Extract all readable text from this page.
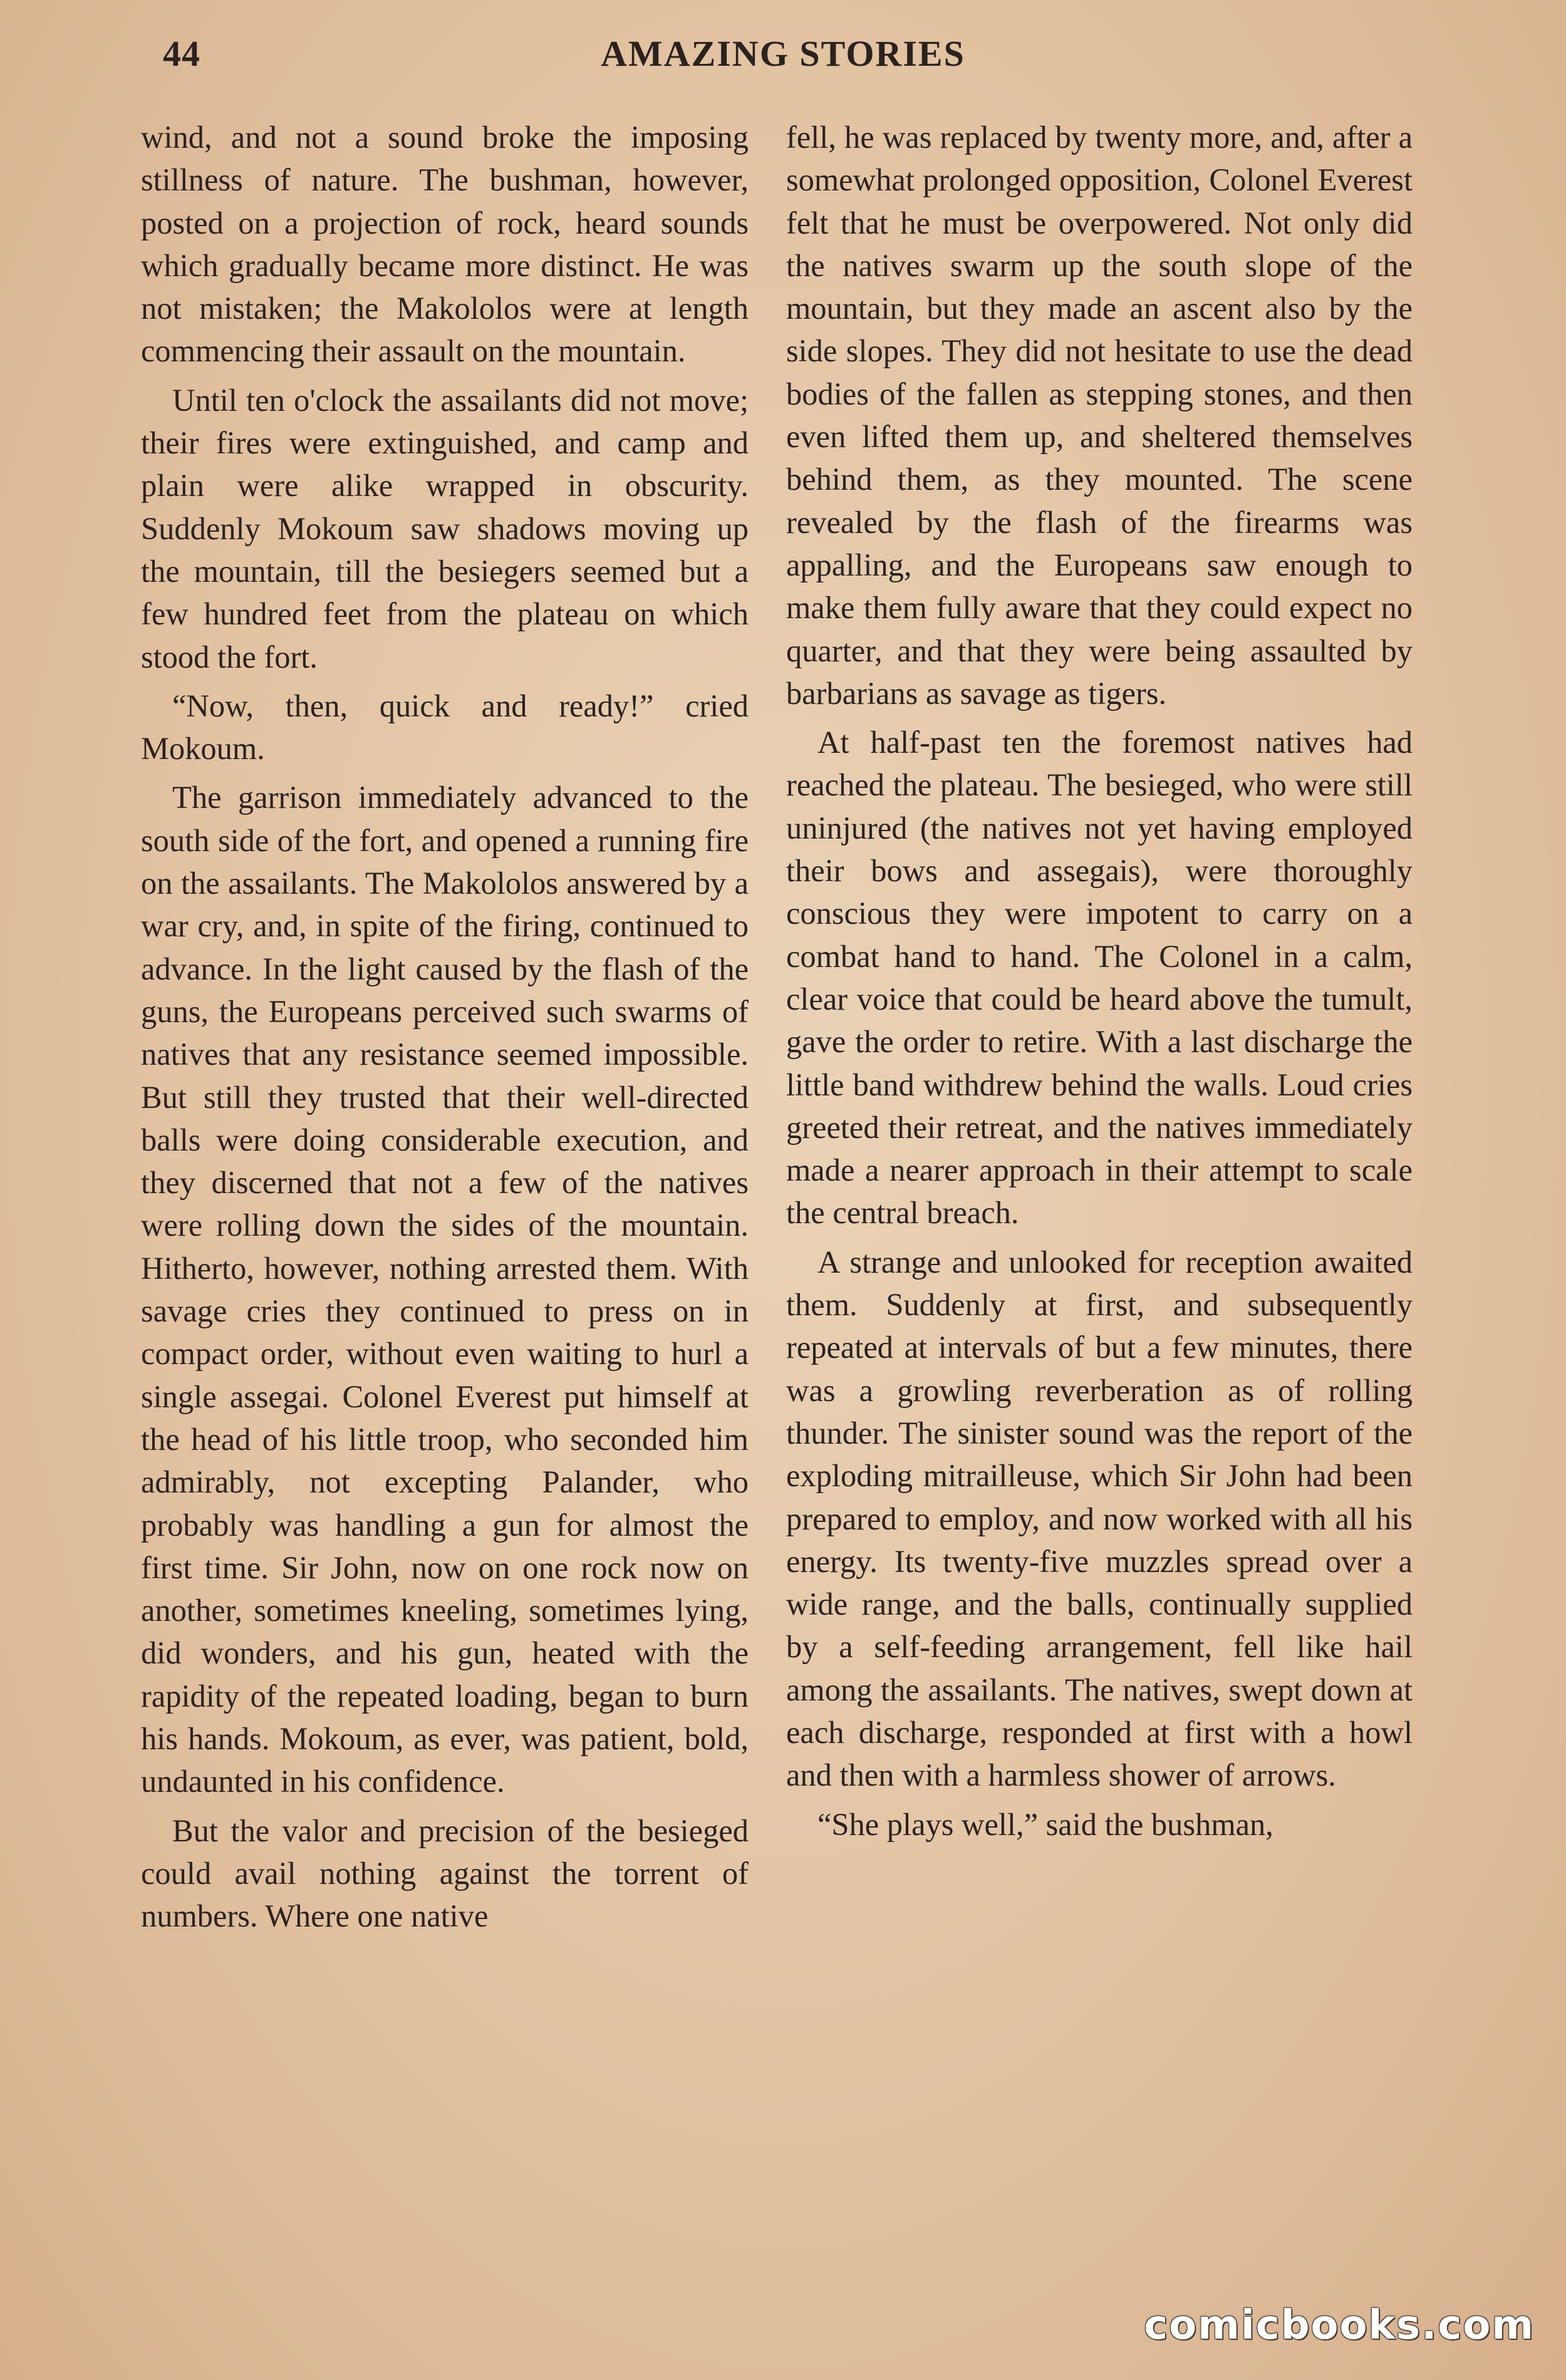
44	AMAZING STORIES

wind, and not a sound broke the imposing stillness of nature. The bushman, however, posted on a projection of rock, heard sounds which gradually became more distinct. He was not mistaken; the Makololos were at length commencing their assault on the mountain.

Until ten o'clock the assailants did not move; their fires were extinguished, and camp and plain were alike wrapped in obscurity. Suddenly Mokoum saw shadows moving up the mountain, till the besiegers seemed but a few hundred feet from the plateau on which stood the fort.

“Now, then, quick and ready!” cried Mokoum.

The garrison immediately advanced to the south side of the fort, and opened a running fire on the assailants. The Makololos answered by a war cry, and, in spite of the firing, continued to advance. In the light caused by the flash of the guns, the Europeans perceived such swarms of natives that any resistance seemed impossible. But still they trusted that their well-directed balls were doing considerable execution, and they discerned that not a few of the natives were rolling down the sides of the mountain. Hitherto, however, nothing arrested them. With savage cries they continued to press on in compact order, without even waiting to hurl a single assegai. Colonel Everest put himself at the head of his little troop, who seconded him admirably, not excepting Palander, who probably was handling a gun for almost the first time. Sir John, now on one rock now on another, sometimes kneeling, sometimes lying, did wonders, and his gun, heated with the rapidity of the repeated loading, began to burn his hands. Mokoum, as ever, was patient, bold, undaunted in his confidence.

But the valor and precision of the besieged could avail nothing against the torrent of numbers. Where one native

fell, he was replaced by twenty more, and, after a somewhat prolonged opposition, Colonel Everest felt that he must be overpowered. Not only did the natives swarm up the south slope of the mountain, but they made an ascent also by the side slopes. They did not hesitate to use the dead bodies of the fallen as stepping stones, and then even lifted them up, and sheltered themselves behind them, as they mounted. The scene revealed by the flash of the firearms was appalling, and the Europeans saw enough to make them fully aware that they could expect no quarter, and that they were being assaulted by barbarians as savage as tigers.

At half-past ten the foremost natives had reached the plateau. The besieged, who were still uninjured (the natives not yet having employed their bows and assegais), were thoroughly conscious they were impotent to carry on a combat hand to hand. The Colonel in a calm, clear voice that could be heard above the tumult, gave the order to retire. With a last discharge the little band withdrew behind the walls. Loud cries greeted their retreat, and the natives immediately made a nearer approach in their attempt to scale the central breach.

A strange and unlooked for reception awaited them. Suddenly at first, and subsequently repeated at intervals of but a few minutes, there was a growling reverberation as of rolling thunder. The sinister sound was the report of the exploding mitrailleuse, which Sir John had been prepared to employ, and now worked with all his energy. Its twenty-five muzzles spread over a wide range, and the balls, continually supplied by a self-feeding arrangement, fell like hail among the assailants. The natives, swept down at each discharge, responded at first with a howl and then with a harmless shower of arrows.

“She plays well,” said the bushman,

comicbooks.com
